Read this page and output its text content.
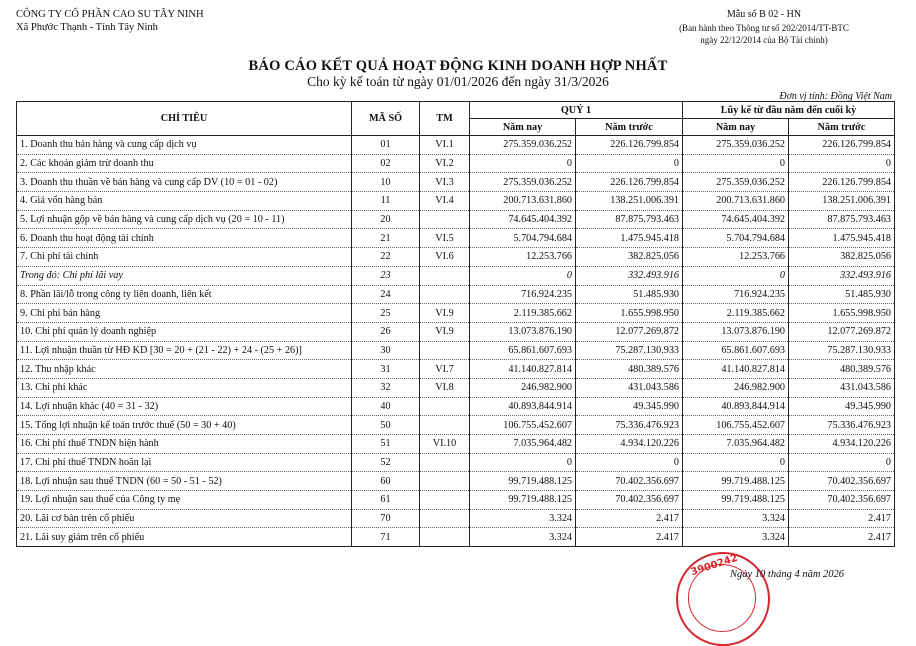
CÔNG TY CỔ PHẦN CAO SU TÂY NINH
Xã Phước Thạnh - Tỉnh Tây Ninh
Mẫu số B 02 - HN
(Ban hành theo Thông tư số 202/2014/TT-BTC
ngày 22/12/2014 của Bộ Tài chính)
BÁO CÁO KẾT QUẢ HOẠT ĐỘNG KINH DOANH HỢP NHẤT
Cho kỳ kế toán từ ngày 01/01/2026 đến ngày 31/3/2026
Đơn vị tính: Đồng Việt Nam
CHỈ TIÊU	MÃ SỐ	TM	QUÝ 1		Lũy kế từ đầu năm đến cuối kỳ	
			Năm nay	Năm trước	Năm nay	Năm trước
1. Doanh thu bán hàng và cung cấp dịch vụ	01	VI.1	275.359.036.252	226.126.799.854	275.359.036.252	226.126.799.854
2. Các khoản giảm trừ doanh thu	02	VI.2	0	0	0	0
3. Doanh thu thuần về bán hàng và cung cấp DV (10 = 01 - 02)	10	VI.3	275.359.036.252	226.126.799.854	275.359.036.252	226.126.799.854
4. Giá vốn hàng bán	11	VI.4	200.713.631.860	138.251.006.391	200.713.631.860	138.251.006.391
5. Lợi nhuận gộp về bán hàng và cung cấp dịch vụ (20 = 10 - 11)	20		74.645.404.392	87.875.793.463	74.645.404.392	87.875.793.463
6. Doanh thu hoạt động tài chính	21	VI.5	5.704.794.684	1.475.945.418	5.704.794.684	1.475.945.418
7. Chi phí tài chính	22	VI.6	12.253.766	382.825.056	12.253.766	382.825.056
Trong đó: Chi phí lãi vay	23		0	332.493.916	0	332.493.916
8. Phần lãi/lỗ trong công ty liên doanh, liên kết	24		716.924.235	51.485.930	716.924.235	51.485.930
9. Chi phí bán hàng	25	VI.9	2.119.385.662	1.655.998.950	2.119.385.662	1.655.998.950
10. Chi phí quản lý doanh nghiệp	26	VI.9	13.073.876.190	12.077.269.872	13.073.876.190	12.077.269.872
11. Lợi nhuận thuần từ HĐ KD [30 = 20 + (21 - 22) + 24 - (25 + 26)]	30		65.861.607.693	75.287.130.933	65.861.607.693	75.287.130.933
12. Thu nhập khác	31	VI.7	41.140.827.814	480.389.576	41.140.827.814	480.389.576
13. Chi phí khác	32	VI.8	246.982.900	431.043.586	246.982.900	431.043.586
14. Lợi nhuận khác (40 = 31 - 32)	40		40.893.844.914	49.345.990	40.893.844.914	49.345.990
15. Tổng lợi nhuận kế toán trước thuế (50 = 30 + 40)	50		106.755.452.607	75.336.476.923	106.755.452.607	75.336.476.923
16. Chi phí thuế TNDN hiện hành	51	VI.10	7.035.964.482	4.934.120.226	7.035.964.482	4.934.120.226
17. Chi phí thuế TNDN hoãn lại	52		0	0	0	0
18. Lợi nhuận sau thuế TNDN (60 = 50 - 51 - 52)	60		99.719.488.125	70.402.356.697	99.719.488.125	70.402.356.697
19. Lợi nhuận sau thuế của Công ty mẹ	61		99.719.488.125	70.402.356.697	99.719.488.125	70.402.356.697
20. Lãi cơ bản trên cổ phiếu	70		3.324	2.417	3.324	2.417
21. Lãi suy giảm trên cổ phiếu	71		3.324	2.417	3.324	2.417
3900242
Ngày 10 tháng 4 năm 2026
